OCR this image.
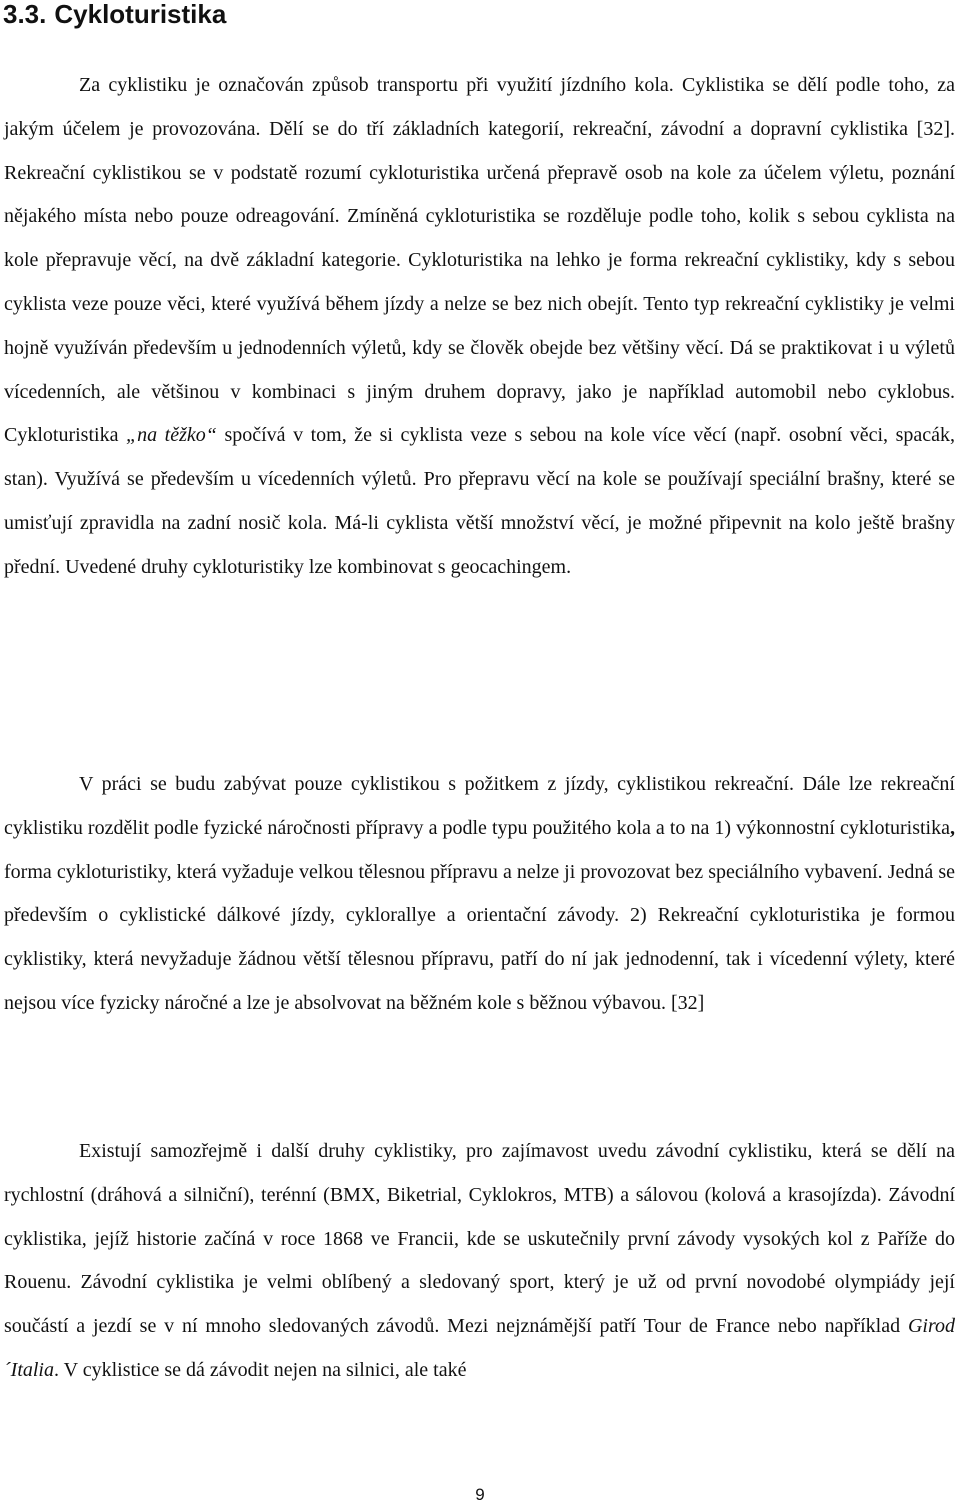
3.3. Cykloturistika

Za cyklistiku je označován způsob transportu při využití jízdního kola. Cyklistika se dělí podle toho, za jakým účelem je provozována. Dělí se do tří základních kategorií, rekreační, závodní a dopravní cyklistika [32]. Rekreační cyklistikou se v podstatě rozumí cykloturistika určená přepravě osob na kole za účelem výletu, poznání nějakého místa nebo pouze odreagování. Zmíněná cykloturistika se rozděluje podle toho, kolik s sebou cyklista na kole přepravuje věcí, na dvě základní kategorie. Cykloturistika na lehko je forma rekreační cyklistiky, kdy s sebou cyklista veze pouze věci, které využívá během jízdy a nelze se bez nich obejít. Tento typ rekreační cyklistiky je velmi hojně využíván především u jednodenních výletů, kdy se člověk obejde bez většiny věcí. Dá se praktikovat i u výletů vícedenních, ale většinou v kombinaci s jiným druhem dopravy, jako je například automobil nebo cyklobus. Cykloturistika „na těžko“ spočívá v tom, že si cyklista veze s sebou na kole více věcí (např. osobní věci, spacák, stan). Využívá se především u vícedenních výletů. Pro přepravu věcí na kole se používají speciální brašny, které se umisťují zpravidla na zadní nosič kola. Má-li cyklista větší množství věcí, je možné připevnit na kolo ještě brašny přední. Uvedené druhy cykloturistiky lze kombinovat s geocachingem.

V práci se budu zabývat pouze cyklistikou s požitkem z jízdy, cyklistikou rekreační. Dále lze rekreační cyklistiku rozdělit podle fyzické náročnosti přípravy a podle typu použitého kola a to na 1) výkonnostní cykloturistika, forma cykloturistiky, která vyžaduje velkou tělesnou přípravu a nelze ji provozovat bez speciálního vybavení. Jedná se především o cyklistické dálkové jízdy, cyklorallye a orientační závody. 2) Rekreační cykloturistika je formou cyklistiky, která nevyžaduje žádnou větší tělesnou přípravu, patří do ní jak jednodenní, tak i vícedenní výlety, které nejsou více fyzicky náročné a lze je absolvovat na běžném kole s běžnou výbavou. [32]

Existují samozřejmě i další druhy cyklistiky, pro zajímavost uvedu závodní cyklistiku, která se dělí na rychlostní (dráhová a silniční), terénní (BMX, Biketrial, Cyklokros, MTB) a sálovou (kolová a krasojízda). Závodní cyklistika, jejíž historie začíná v roce 1868 ve Francii, kde se uskutečnily první závody vysokých kol z Paříže do Rouenu. Závodní cyklistika je velmi oblíbený a sledovaný sport, který je už od první novodobé olympiády její součástí a jezdí se v ní mnoho sledovaných závodů. Mezi nejznámější patří Tour de France nebo například Girod´Italia. V cyklistice se dá závodit nejen na silnici, ale také

9
